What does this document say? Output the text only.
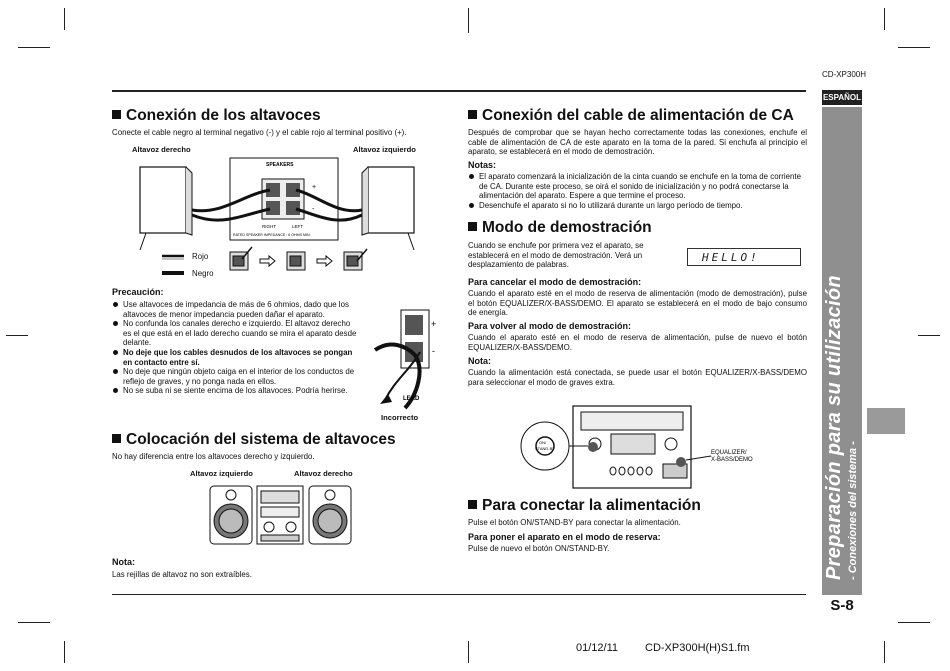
CD-XP300H
ESPAÑOL
Preparación para su utilización - Conexiones del sistema -
Conexión de los altavoces
Conecte el cable negro al terminal negativo (-) y el cable rojo al terminal positivo (+).
Altavoz derecho	Altavoz izquierdo
SPEAKERS
+
-
RIGHT	LEFT
RATED SPEAKER IMPEDANCE : 6 OHMS MIN.
Rojo
Negro
Precaución:
Use altavoces de impedancia de más de 6 ohmios, dado que los altavoces de menor impedancia pueden dañar el aparato.
No confunda los canales derecho e izquierdo. El altavoz derecho es el que está en el lado derecho cuando se mira el aparato desde delante.
No deje que los cables desnudos de los altavoces se pongan en contacto entre sí.
No deje que ningún objeto caiga en el interior de los conductos de reflejo de graves, y no ponga nada en ellos.
No se suba ni se siente encima de los altavoces. Podría herirse.
+
-
LEAD
Incorrecto
Colocación del sistema de altavoces
No hay diferencia entre los altavoces derecho y izquierdo.
Altavoz izquierdo	Altavoz derecho
Nota:
Las rejillas de altavoz no son extraíbles.
Conexión del cable de alimentación de CA
Después de comprobar que se hayan hecho correctamente todas las conexiones, enchufe el cable de alimentación de CA de este aparato en la toma de la pared. Si enchufa al principio el aparato, se establecerá en el modo de demostración.
Notas:
El aparato comenzará la inicialización de la cinta cuando se enchufe en la toma de corriente de CA. Durante este proceso, se oirá el sonido de inicialización y no podrá conectarse la alimentación del aparato. Espere a que termine el proceso.
Desenchufe el aparato si no lo utilizará durante un largo período de tiempo.
Modo de demostración
Cuando se enchufe por primera vez el aparato, se establecerá en el modo de demostración. Verá un desplazamiento de palabras.
HELLO!
Para cancelar el modo de demostración:
Cuando el aparato esté en el modo de reserva de alimentación (modo de demostración), pulse el botón EQUALIZER/X-BASS/DEMO. El aparato se establecerá en el modo de bajo consumo de energía.
Para volver al modo de demostración:
Cuando el aparato esté en el modo de reserva de alimentación, pulse de nuevo el botón EQUALIZER/X-BASS/DEMO.
Nota:
Cuando la alimentación está conectada, se puede usar el botón EQUALIZER/X-BASS/DEMO para seleccionar el modo de graves extra.
ON/
STAND-BY
EQUALIZER/
X-BASS/DEMO
Para conectar la alimentación
Pulse el botón ON/STAND-BY para conectar la alimentación.
Para poner el aparato en el modo de reserva:
Pulse de nuevo el botón ON/STAND-BY.
S-8
01/12/11 CD-XP300H(H)S1.fm
